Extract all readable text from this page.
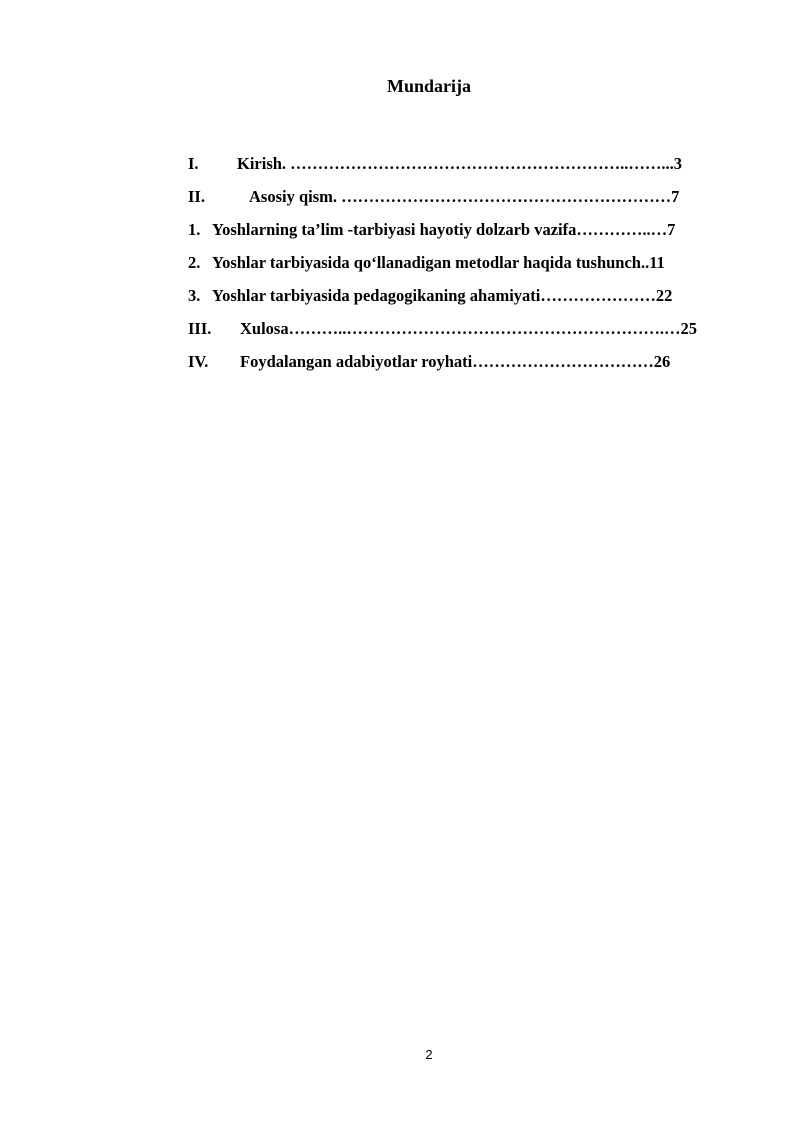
Mundarija
I.	Kirish. ……………………………………………………..……...3
II.	Asosiy qism. ……………………………………………………7
1. Yoshlarning ta’lim -tarbiyasi hayotiy dolzarb vazifa…………..…7
2. Yoshlar tarbiyasida qo‘llanadigan metodlar haqida tushunch..11
3. Yoshlar tarbiyasida pedagogikaning ahamiyati…………………22
III.	Xulosa………..………………………………………………….…25
IV.	Foydalangan adabiyotlar royhati……………………………26
2
